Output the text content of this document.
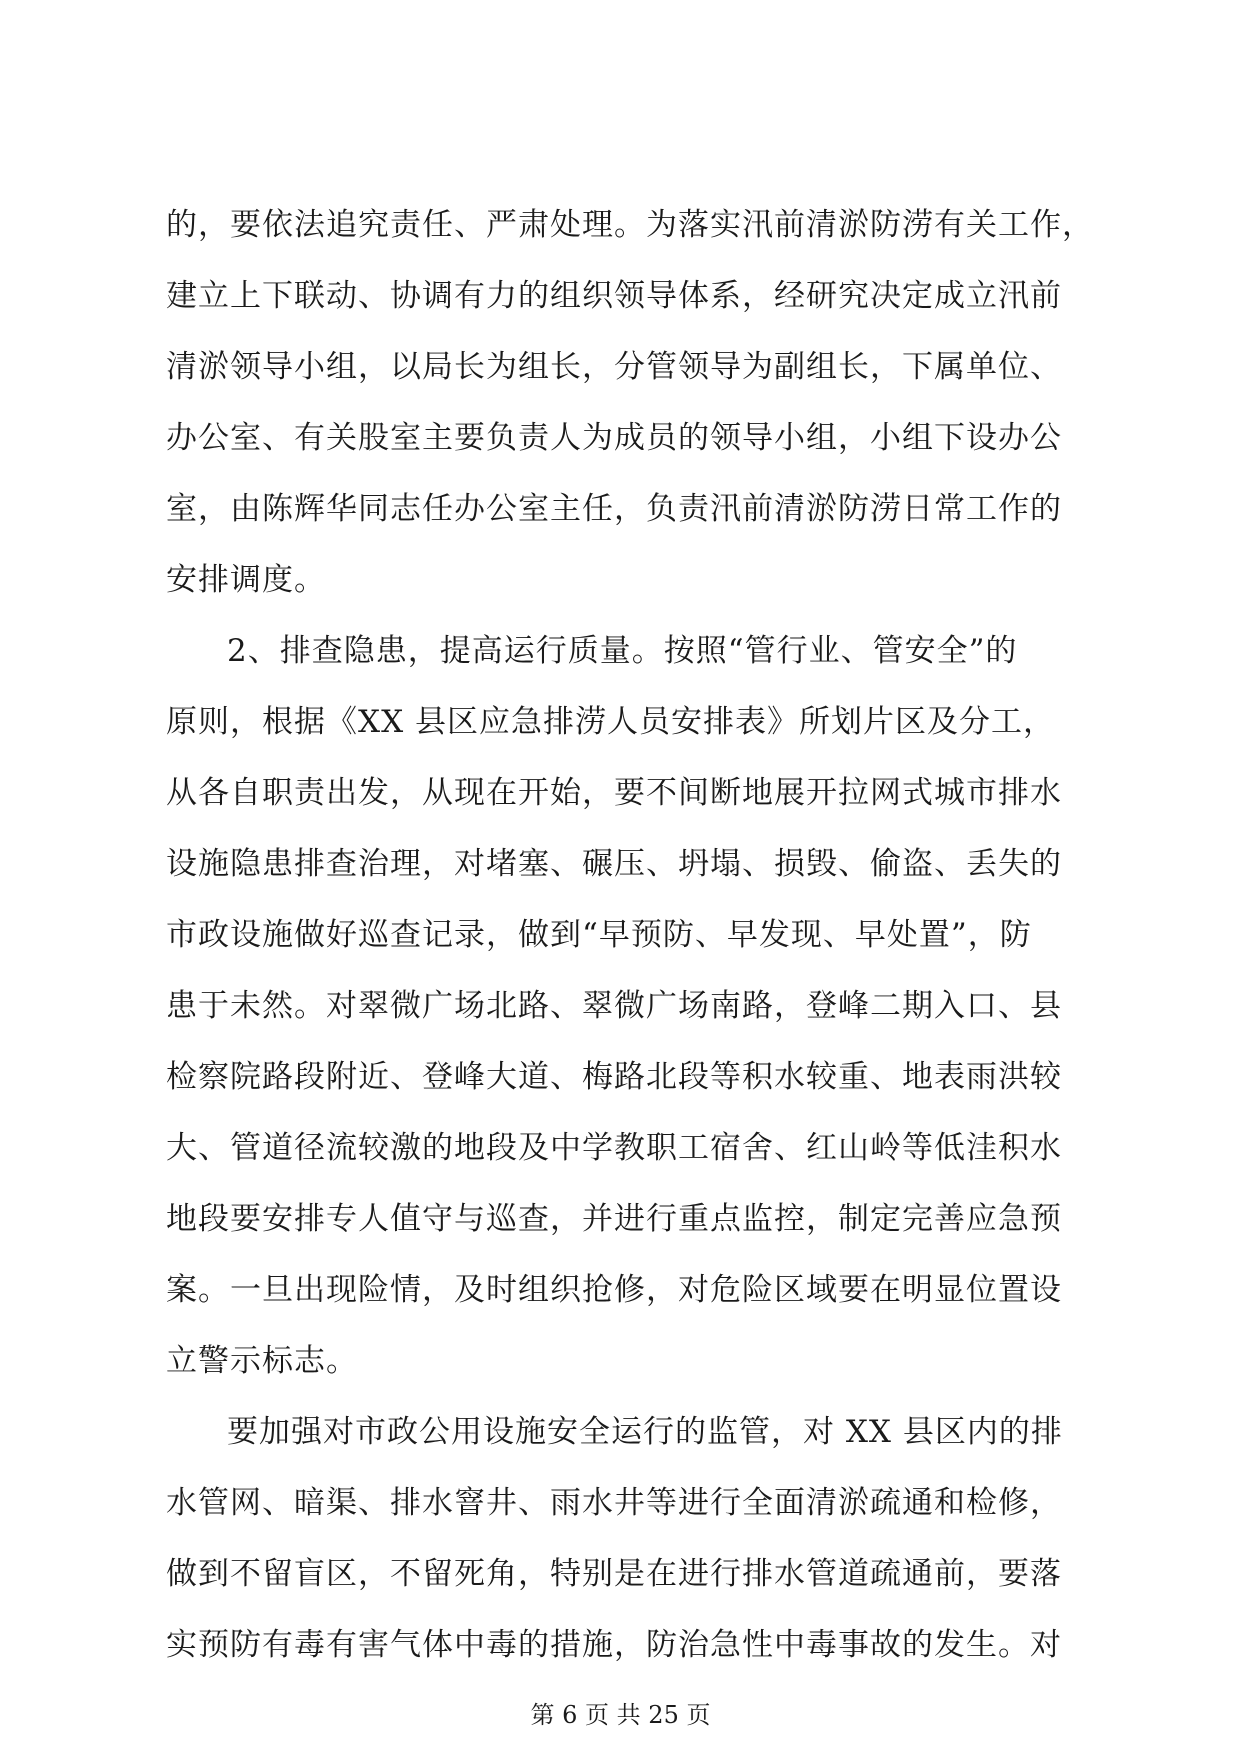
的，要依法追究责任、严肃处理。为落实汛前清淤防涝有关工作，
建立上下联动、协调有力的组织领导体系，经研究决定成立汛前
清淤领导小组，以局长为组长，分管领导为副组长，下属单位、
办公室、有关股室主要负责人为成员的领导小组，小组下设办公
室，由陈辉华同志任办公室主任，负责汛前清淤防涝日常工作的
安排调度。
2、排查隐患，提高运行质量。按照“管行业、管安全”的
原则，根据《XX 县区应急排涝人员安排表》所划片区及分工，
从各自职责出发，从现在开始，要不间断地展开拉网式城市排水
设施隐患排查治理，对堵塞、碾压、坍塌、损毁、偷盗、丢失的
市政设施做好巡查记录，做到“早预防、早发现、早处置”，防
患于未然。对翠微广场北路、翠微广场南路，登峰二期入口、县
检察院路段附近、登峰大道、梅路北段等积水较重、地表雨洪较
大、管道径流较激的地段及中学教职工宿舍、红山岭等低洼积水
地段要安排专人值守与巡查，并进行重点监控，制定完善应急预
案。一旦出现险情，及时组织抢修，对危险区域要在明显位置设
立警示标志。
要加强对市政公用设施安全运行的监管，对 XX 县区内的排
水管网、暗渠、排水窨井、雨水井等进行全面清淤疏通和检修，
做到不留盲区，不留死角，特别是在进行排水管道疏通前，要落
实预防有毒有害气体中毒的措施，防治急性中毒事故的发生。对
第 6 页 共 25 页
